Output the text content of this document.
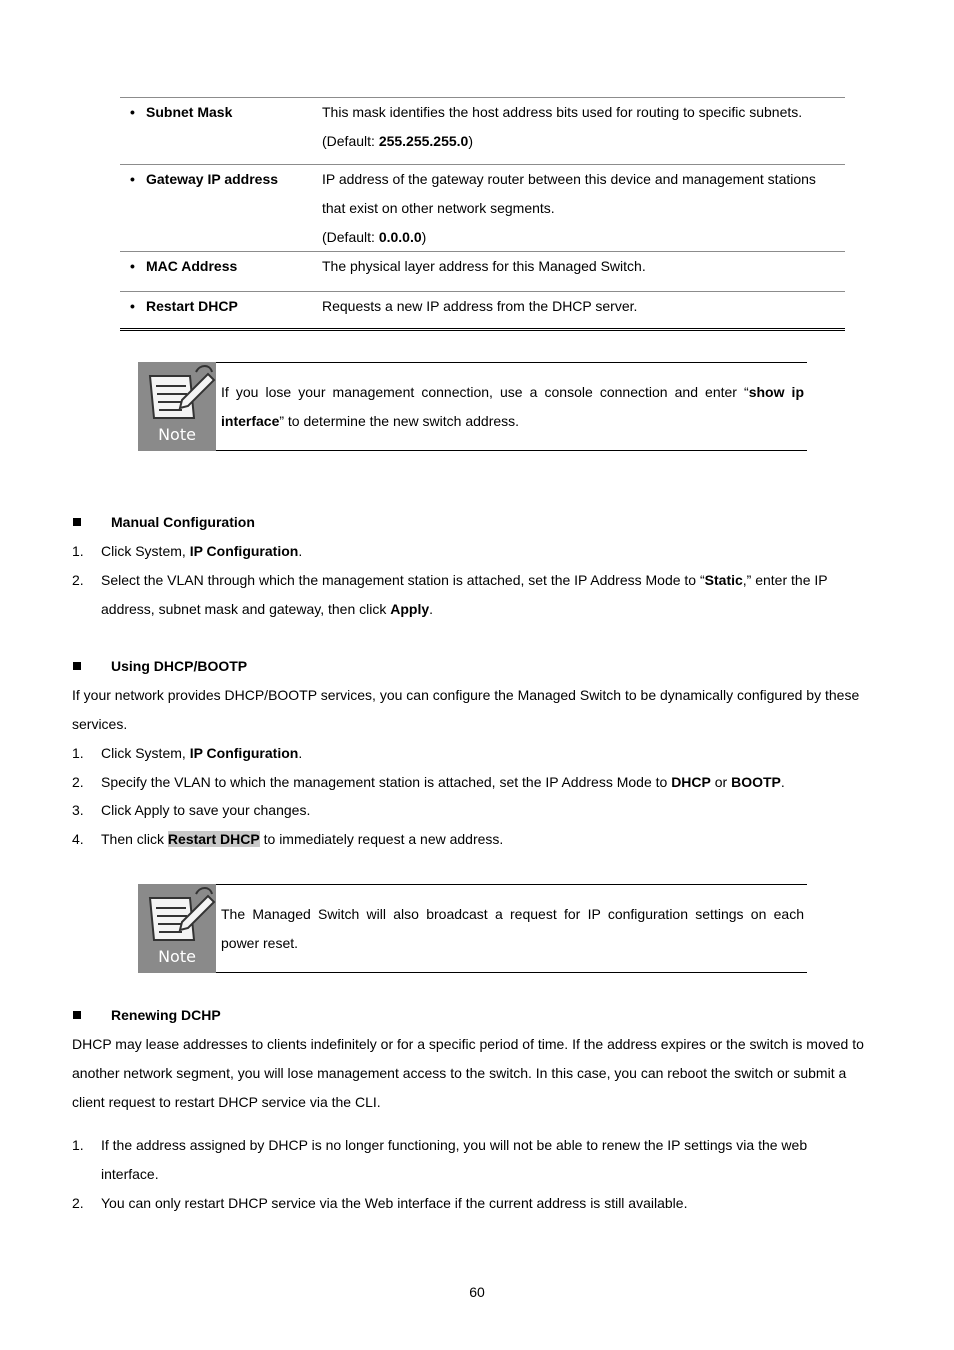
• Subnet Mask	This mask identifies the host address bits used for routing to specific subnets.
(Default: 255.255.255.0)
• Gateway IP address	IP address of the gateway router between this device and management stations
that exist on other network segments.
(Default: 0.0.0.0)
• MAC Address	The physical layer address for this Managed Switch.
• Restart DHCP	Requests a new IP address from the DHCP server.
Note
If you lose your management connection, use a console connection and enter “show ip
interface” to determine the new switch address.
Manual Configuration
1. Click System, IP Configuration.
2. Select the VLAN through which the management station is attached, set the IP Address Mode to “Static,” enter the IP
address, subnet mask and gateway, then click Apply.
Using DHCP/BOOTP
If your network provides DHCP/BOOTP services, you can configure the Managed Switch to be dynamically configured by these
services.
1. Click System, IP Configuration.
2. Specify the VLAN to which the management station is attached, set the IP Address Mode to DHCP or BOOTP.
3. Click Apply to save your changes.
4. Then click Restart DHCP to immediately request a new address.
Note
The Managed Switch will also broadcast a request for IP configuration settings on each
power reset.
Renewing DCHP
DHCP may lease addresses to clients indefinitely or for a specific period of time. If the address expires or the switch is moved to
another network segment, you will lose management access to the switch. In this case, you can reboot the switch or submit a
client request to restart DHCP service via the CLI.
1. If the address assigned by DHCP is no longer functioning, you will not be able to renew the IP settings via the web
interface.
2. You can only restart DHCP service via the Web interface if the current address is still available.
60
